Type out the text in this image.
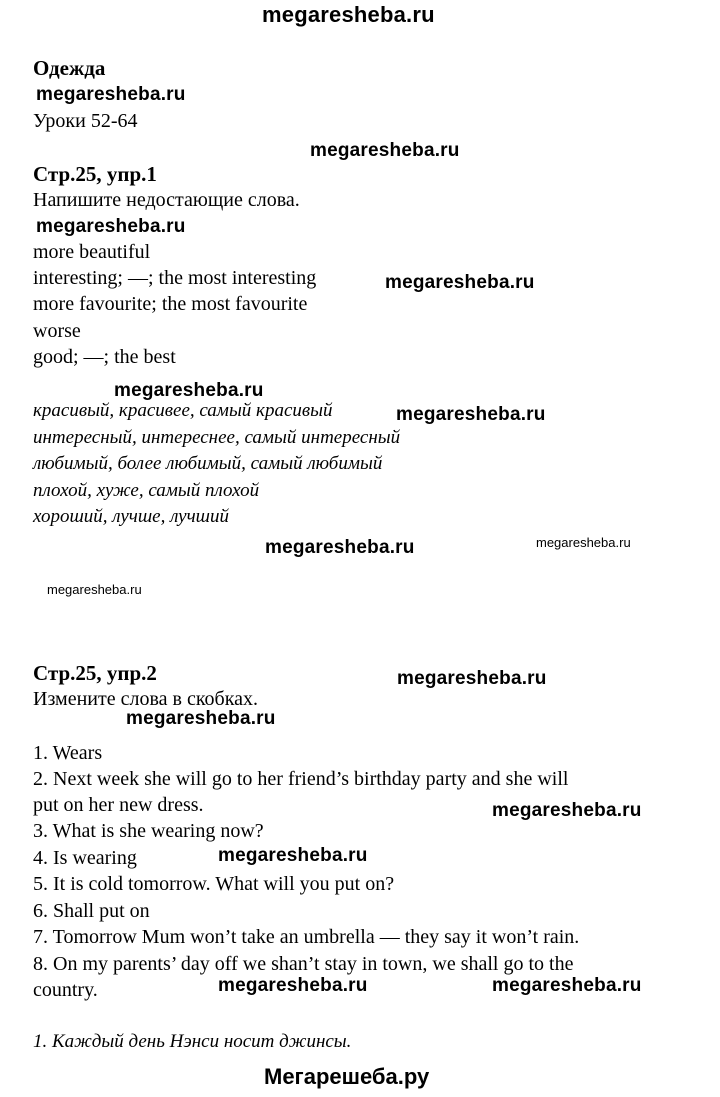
megaresheba.ru
Одежда
megaresheba.ru
Уроки 52-64
megaresheba.ru
Стр.25, упр.1
Напишите недостающие слова.
megaresheba.ru
more beautiful
interesting; —; the most interesting	megaresheba.ru
more favourite; the most favourite
worse
good; —; the best
megaresheba.ru
красивый, красивее, самый красивый	megaresheba.ru
интересный, интереснее, самый интересный
любимый, более любимый, самый любимый
плохой, хуже, самый плохой
хороший, лучше, лучший
megaresheba.ru	megaresheba.ru
megaresheba.ru
Стр.25, упр.2	megaresheba.ru
Измените слова в скобках.
megaresheba.ru
1. Wears
2. Next week she will go to her friend’s birthday party and she will
put on her new dress.	megaresheba.ru
3. What is she wearing now?
4. Is wearing	megaresheba.ru
5. It is cold tomorrow. What will you put on?
6. Shall put on
7. Tomorrow Mum won’t take an umbrella — they say it won’t rain.
8. On my parents’ day off we shan’t stay in town, we shall go to the
country.	megaresheba.ru	megaresheba.ru
1. Каждый день Нэнси носит джинсы.
Мегарешеба.ру
